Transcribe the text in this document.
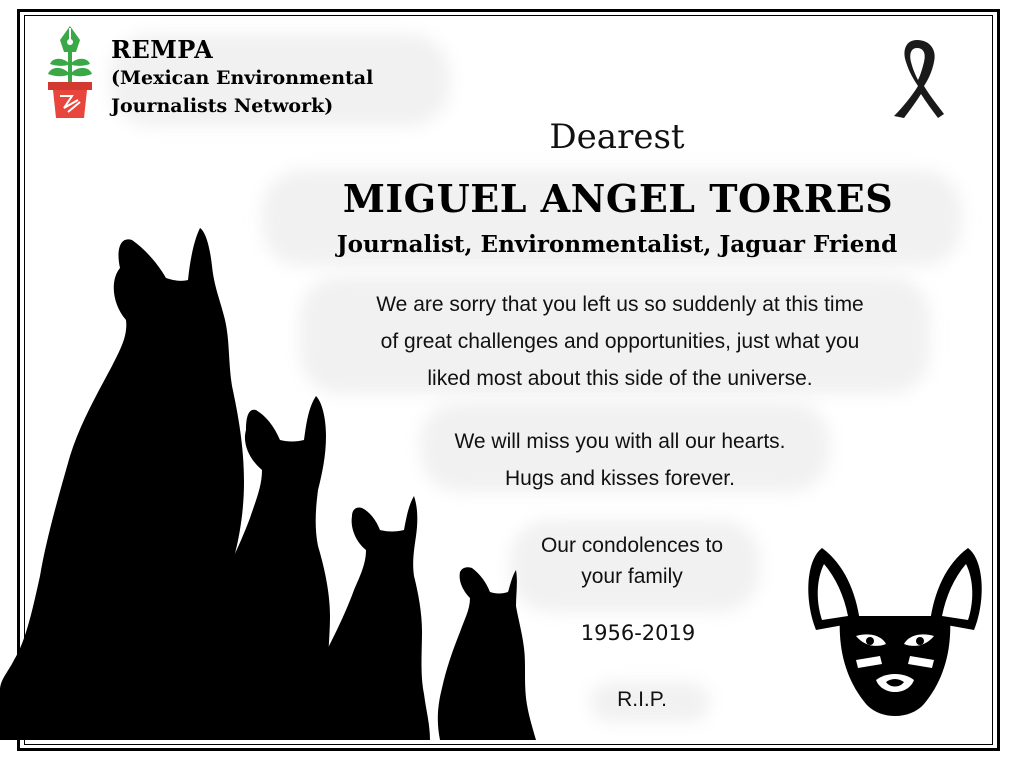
REMPA
(Mexican Environmental
Journalists Network)
Dearest
MIGUEL ANGEL TORRES
Journalist, Environmentalist, Jaguar Friend
We are sorry that you left us so suddenly at this time
of great challenges and opportunities, just what you
liked most about this side of the universe.
We will miss you with all our hearts.
Hugs and kisses forever.
Our condolences to
your family
1956-2019
R.I.P.
